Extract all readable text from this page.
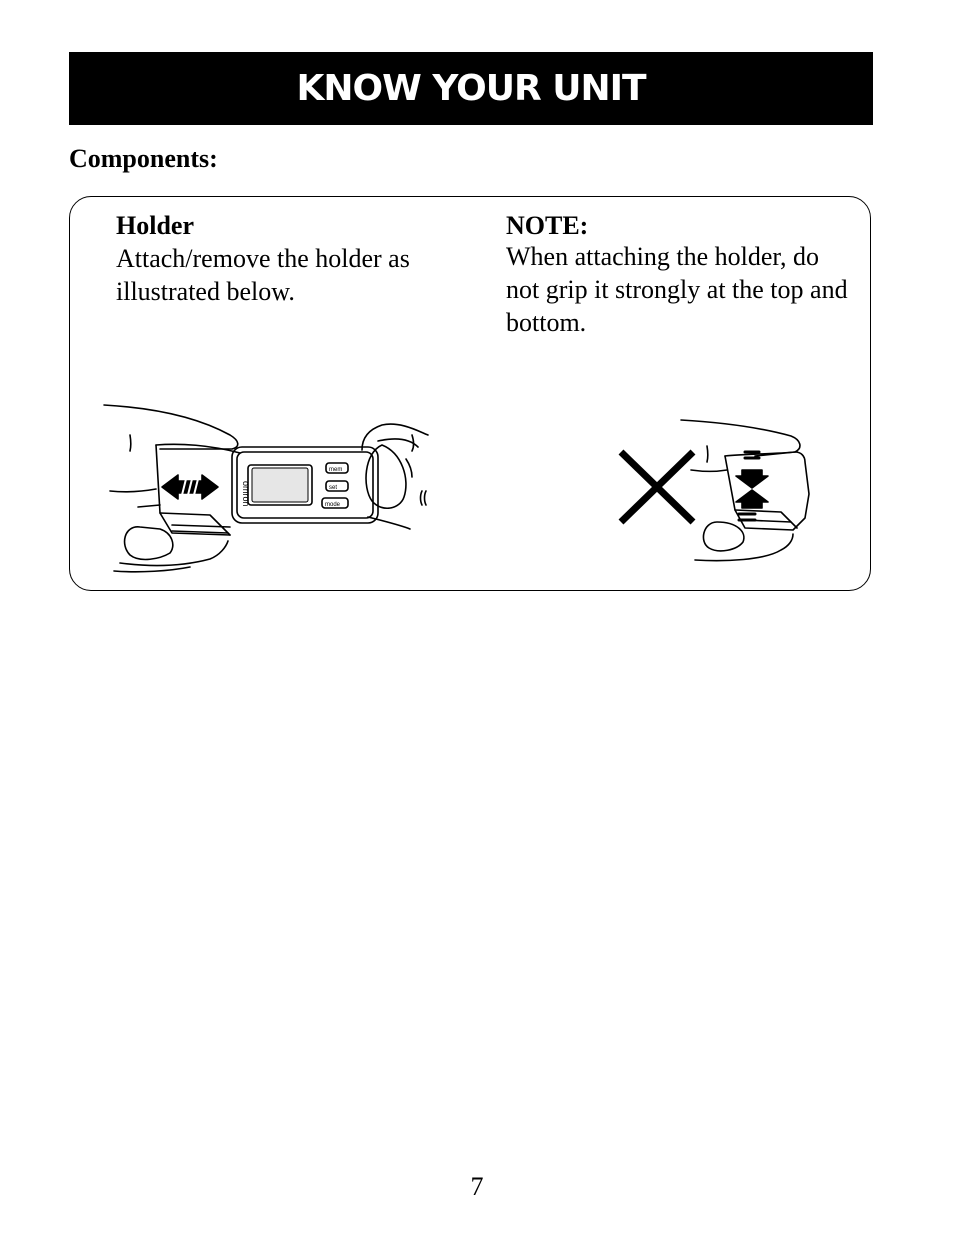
KNOW YOUR UNIT
Components:
Holder
Attach/remove the holder as illustrated below.
NOTE:
When attaching the holder, do not grip it strongly at the top and bottom.
omron
mem
set
mode
7
